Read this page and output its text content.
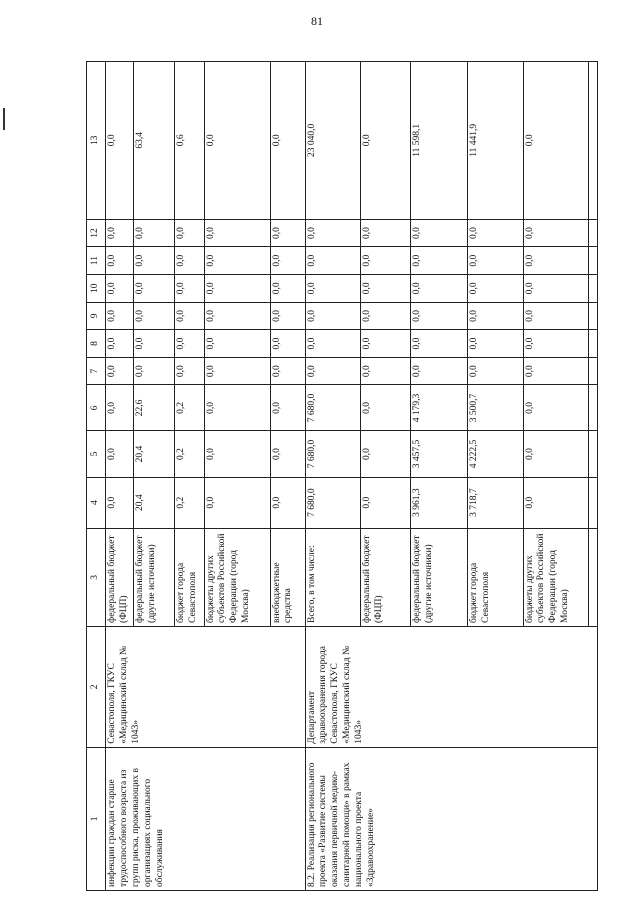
81
1	2	3	4	5	6	7	8	9	10	11	12	13
инфекции граждан старше трудоспособного возраста из групп риска, проживающих в организациях социального обслуживания	Севастополя, ГКУС «Медицинский склад № 1043»	федеральный бюджет (ФЦП)	0,0	0,0	0,0	0,0	0,0	0,0	0,0	0,0	0,0	0,0
		федеральный бюджет (другие источники)	20,4	20,4	22,6	0,0	0,0	0,0	0,0	0,0	0,0	63,4
		бюджет города Севастополя	0,2	0,2	0,2	0,0	0,0	0,0	0,0	0,0	0,0	0,6
		бюджеты других субъектов Российской Федерации (город Москва)	0,0	0,0	0,0	0,0	0,0	0,0	0,0	0,0	0,0	0,0
		внебюджетные средства	0,0	0,0	0,0	0,0	0,0	0,0	0,0	0,0	0,0	0,0
8.2. Реализация регионального проекта «Развитие системы оказания первичной медико-санитарной помощи» в рамках национального проекта «Здравоохранение»	Департамент здравоохранения города Севастополя, ГКУС «Медицинский склад № 1043»	Всего, в том числе:	7 680,0	7 680,0	7 680,0	0,0	0,0	0,0	0,0	0,0	0,0	23 040,0
		федеральный бюджет (ФЦП)	0,0	0,0	0,0	0,0	0,0	0,0	0,0	0,0	0,0	0,0
		федеральный бюджет (другие источники)	3 961,3	3 457,5	4 179,3	0,0	0,0	0,0	0,0	0,0	0,0	11 598,1
		бюджет города Севастополя	3 718,7	4 222,5	3 500,7	0,0	0,0	0,0	0,0	0,0	0,0	11 441,9
		бюджеты других субъектов Российской Федерации (город Москва)	0,0	0,0	0,0	0,0	0,0	0,0	0,0	0,0	0,0	0,0
